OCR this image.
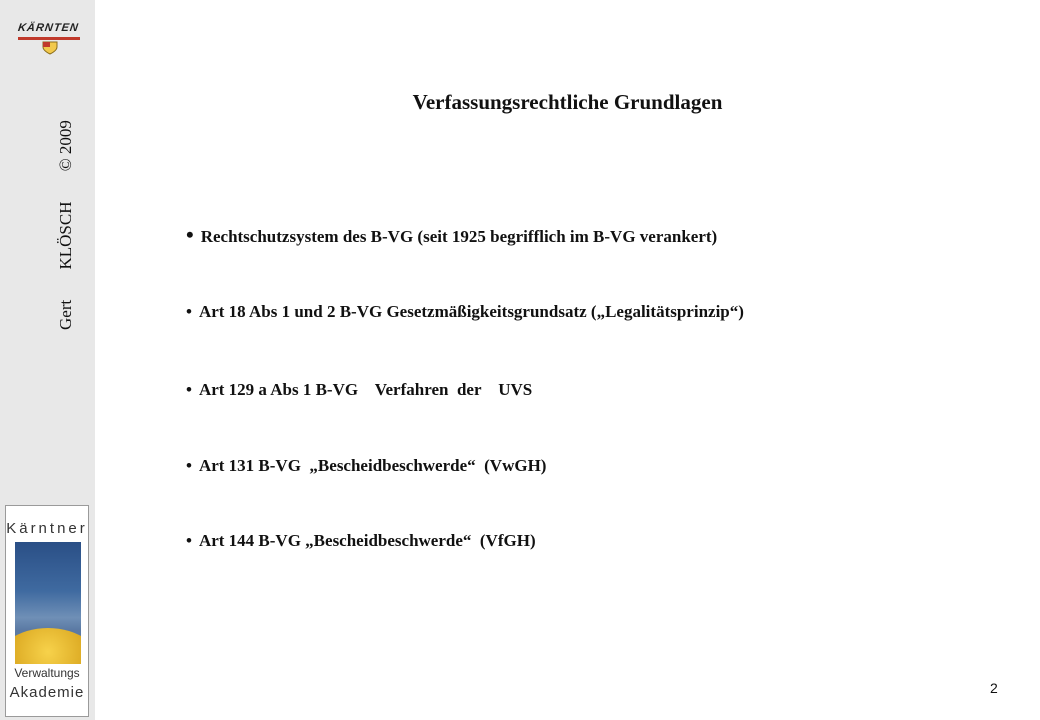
KÄRNTEN
Gert KLÖSCH © 2009
Kärntner
Verwaltungs
Akademie
Verfassungsrechtliche Grundlagen
• Rechtschutzsystem des B-VG (seit 1925 begrifflich im B-VG verankert)
• Art 18 Abs 1 und 2 B-VG Gesetzmäßigkeitsgrundsatz („Legalitätsprinzip“)
• Art 129 a Abs 1 B-VG    Verfahren  der    UVS
• Art 131 B-VG  „Bescheidbeschwerde“  (VwGH)
• Art 144 B-VG „Bescheidbeschwerde“  (VfGH)
2
